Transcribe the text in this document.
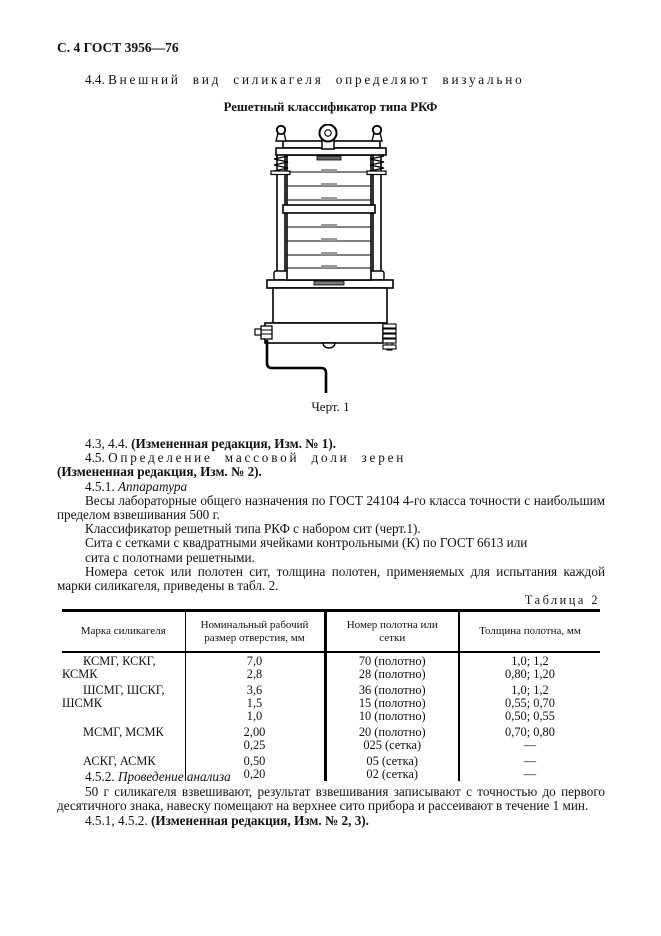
С. 4 ГОСТ 3956—76
4.4. Внешний вид силикагеля определяют визуально
Решетный классификатор типа РКФ
Черт. 1

4.3, 4.4. (Измененная редакция, Изм. № 1).

4.5. Определение массовой доли зерен

(Измененная редакция, Изм. № 2).

4.5.1. Аппаратура

Весы лабораторные общего назначения по ГОСТ 24104 4-го класса точности с наибольшим пределом взвешивания 500 г.

Классификатор решетный типа РКФ с набором сит (черт.1).

Сита с сетками с квадратными ячейками контрольными (К) по ГОСТ 6613 или

сита с полотнами решетными.

Номера сеток или полотен сит, толщина полотен, применяемых для испытания каждой марки силикагеля, приведены в табл. 2.

Таблица 2
Марка силикагеля	Номинальный рабочий размер отверстия, мм	Номер полотна или сетки	Толщина полотна, мм
КСМГ, КСКГ,	7,0	70 (полотно)	1,0; 1,2
КСМК	2,8	28 (полотно)	0,80; 1,20
ШСМГ, ШСКГ,	3,6	36 (полотно)	1,0; 1,2
ШСМК	1,5	15 (полотно)	0,55; 0,70
	1,0	10 (полотно)	0,50; 0,55
МСМГ, МСМК	2,00	20 (полотно)	0,70; 0,80
	0,25	025 (сетка)	—
АСКГ, АСМК	0,50	05 (сетка)	—
	0,20	02 (сетка)	—

4.5.2. Проведение анализа

50 г силикагеля взвешивают, результат взвешивания записывают с точностью до первого десятичного знака, навеску помещают на верхнее сито прибора и рассеивают в течение 1 мин.

4.5.1, 4.5.2. (Измененная редакция, Изм. № 2, 3).
